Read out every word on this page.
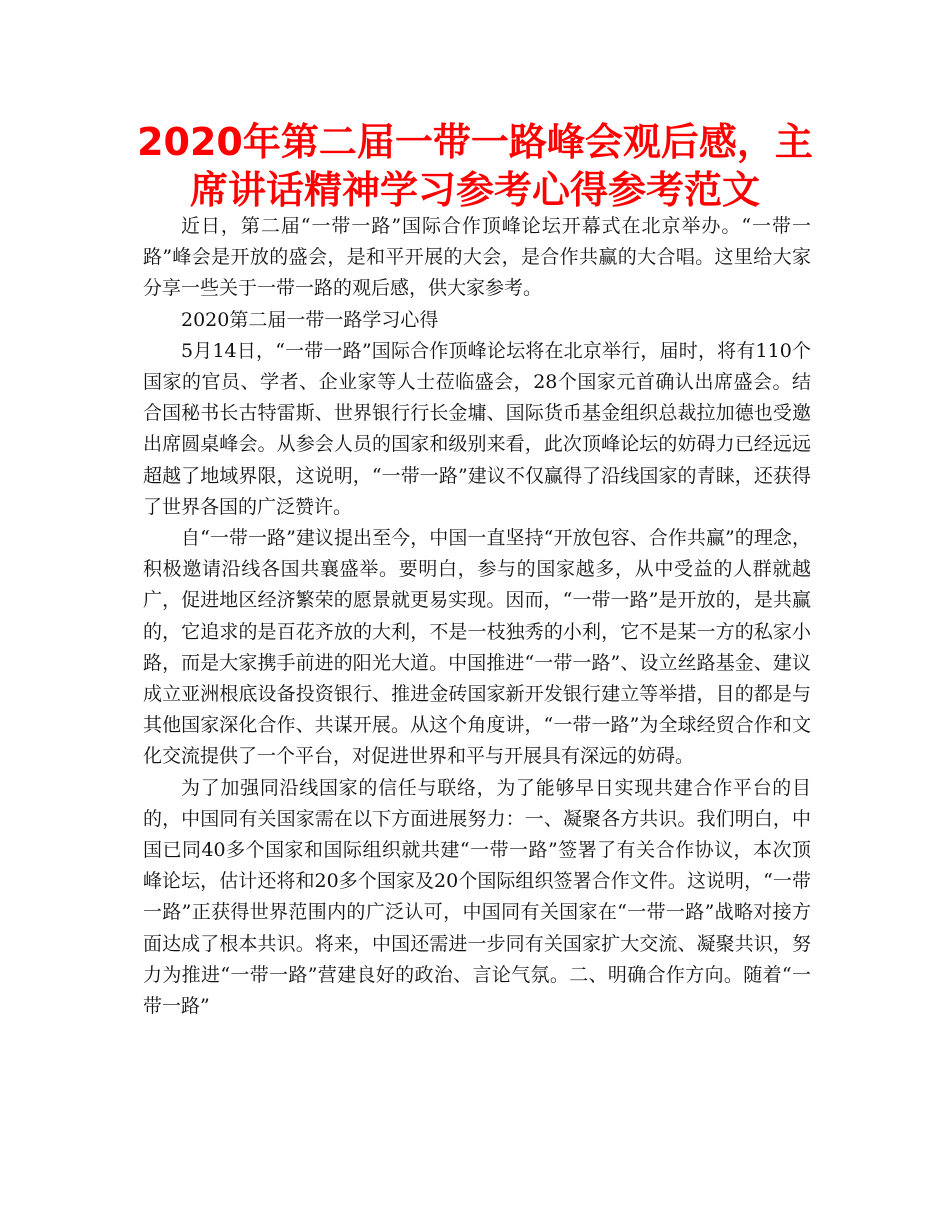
2020年第二届一带一路峰会观后感，主席讲话精神学习参考心得参考范文

近日，第二届“一带一路”国际合作顶峰论坛开幕式在北京举办。“一带一路”峰会是开放的盛会，是和平开展的大会，是合作共赢的大合唱。这里给大家分享一些关于一带一路的观后感，供大家参考。

2020第二届一带一路学习心得

5月14日，“一带一路”国际合作顶峰论坛将在北京举行，届时，将有110个国家的官员、学者、企业家等人士莅临盛会，28个国家元首确认出席盛会。结合国秘书长古特雷斯、世界银行行长金墉、国际货币基金组织总裁拉加德也受邀出席圆桌峰会。从参会人员的国家和级别来看，此次顶峰论坛的妨碍力已经远远超越了地域界限，这说明，“一带一路”建议不仅赢得了沿线国家的青睐，还获得了世界各国的广泛赞许。

自“一带一路”建议提出至今，中国一直坚持“开放包容、合作共赢”的理念，积极邀请沿线各国共襄盛举。要明白，参与的国家越多，从中受益的人群就越广，促进地区经济繁荣的愿景就更易实现。因而，“一带一路”是开放的，是共赢的，它追求的是百花齐放的大利，不是一枝独秀的小利，它不是某一方的私家小路，而是大家携手前进的阳光大道。中国推进“一带一路”、设立丝路基金、建议成立亚洲根底设备投资银行、推进金砖国家新开发银行建立等举措，目的都是与其他国家深化合作、共谋开展。从这个角度讲，“一带一路”为全球经贸合作和文化交流提供了一个平台，对促进世界和平与开展具有深远的妨碍。

为了加强同沿线国家的信任与联络，为了能够早日实现共建合作平台的目的，中国同有关国家需在以下方面进展努力：一、凝聚各方共识。我们明白，中国已同40多个国家和国际组织就共建“一带一路”签署了有关合作协议，本次顶峰论坛，估计还将和20多个国家及20个国际组织签署合作文件。这说明，“一带一路”正获得世界范围内的广泛认可，中国同有关国家在“一带一路”战略对接方面达成了根本共识。将来，中国还需进一步同有关国家扩大交流、凝聚共识，努力为推进“一带一路”营建良好的政治、言论气氛。二、明确合作方向。随着“一带一路”
